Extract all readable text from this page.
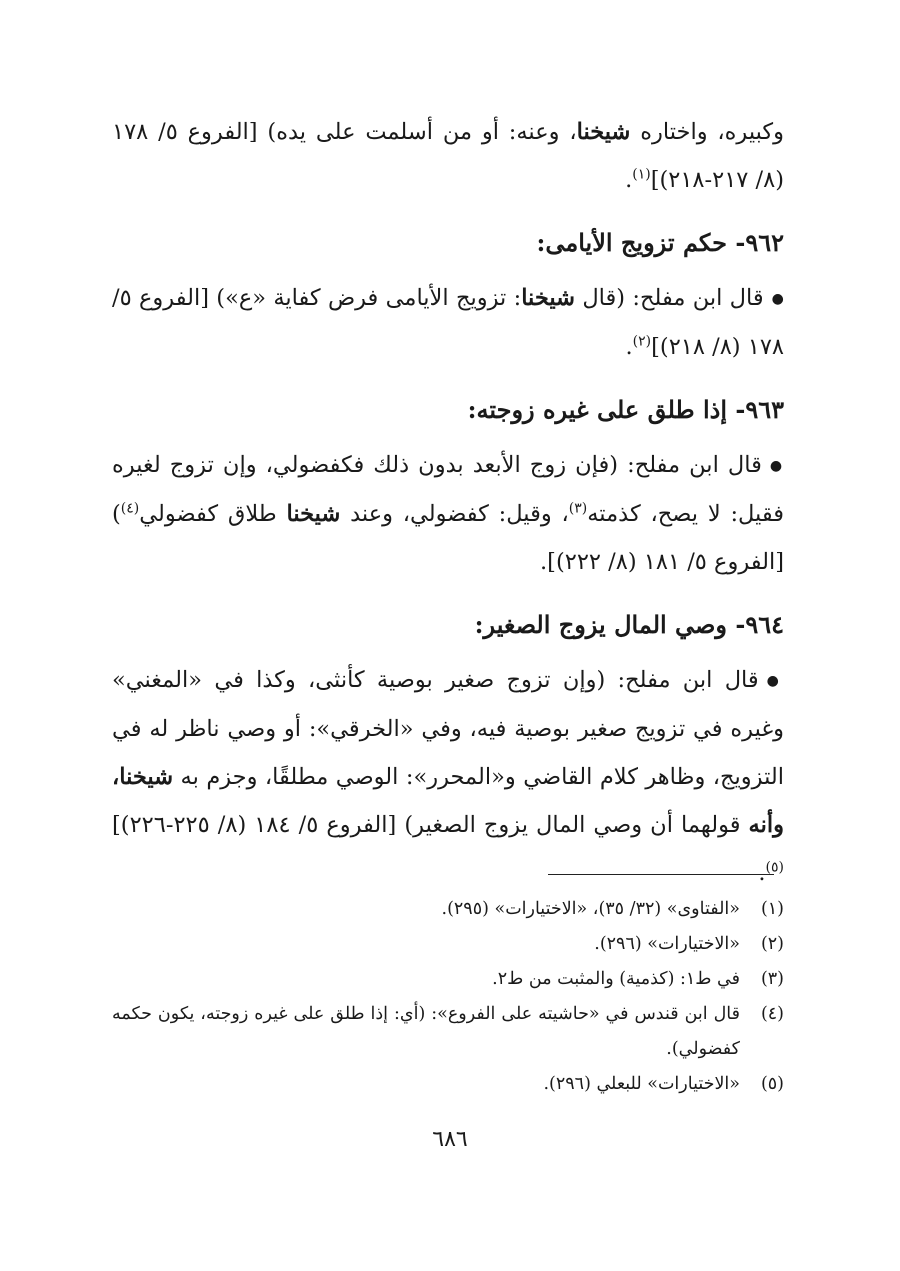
وكبيره، واختاره شيخنا، وعنه: أو من أسلمت على يده) [الفروع ٥/ ١٧٨ (٨/ ٢١٧-٢١٨)]$^{(١)}$.

٩٦٢- حكم تزويج الأيامى:

●قال ابن مفلح: (قال شيخنا: تزويج الأيامى فرض كفاية «ع») [الفروع ٥/ ١٧٨ (٨/ ٢١٨)]$^{(٢)}$.

٩٦٣- إذا طلق على غيره زوجته:

●قال ابن مفلح: (فإن زوج الأبعد بدون ذلك فكفضولي، وإن تزوج لغيره فقيل: لا يصح، كذمته$^{(٣)}$، وقيل: كفضولي، وعند شيخنا طلاق كفضولي$^{(٤)}$) [الفروع ٥/ ١٨١ (٨/ ٢٢٢)].

٩٦٤- وصي المال يزوج الصغير:

●قال ابن مفلح: (وإن تزوج صغير بوصية كأنثى، وكذا في «المغني» وغيره في تزويج صغير بوصية فيه، وفي «الخرقي»: أو وصي ناظر له في التزويج، وظاهر كلام القاضي و«المحرر»: الوصي مطلقًا، وجزم به شيخنا، وأنه قولهما أن وصي المال يزوج الصغير) [الفروع ٥/ ١٨٤ (٨/ ٢٢٥-٢٢٦)]$^{(٥)}$.

(١)
«الفتاوى» (٣٢/ ٣٥)، «الاختيارات» (٢٩٥).
(٢)
«الاختيارات» (٢٩٦).
(٣)
في ط١: (كذمية) والمثبت من ط٢.
(٤)
قال ابن قندس في «حاشيته على الفروع»: (أي: إذا طلق على غيره زوجته، يكون حكمه كفضولي).
(٥)
«الاختيارات» للبعلي (٢٩٦).
٦٨٦
